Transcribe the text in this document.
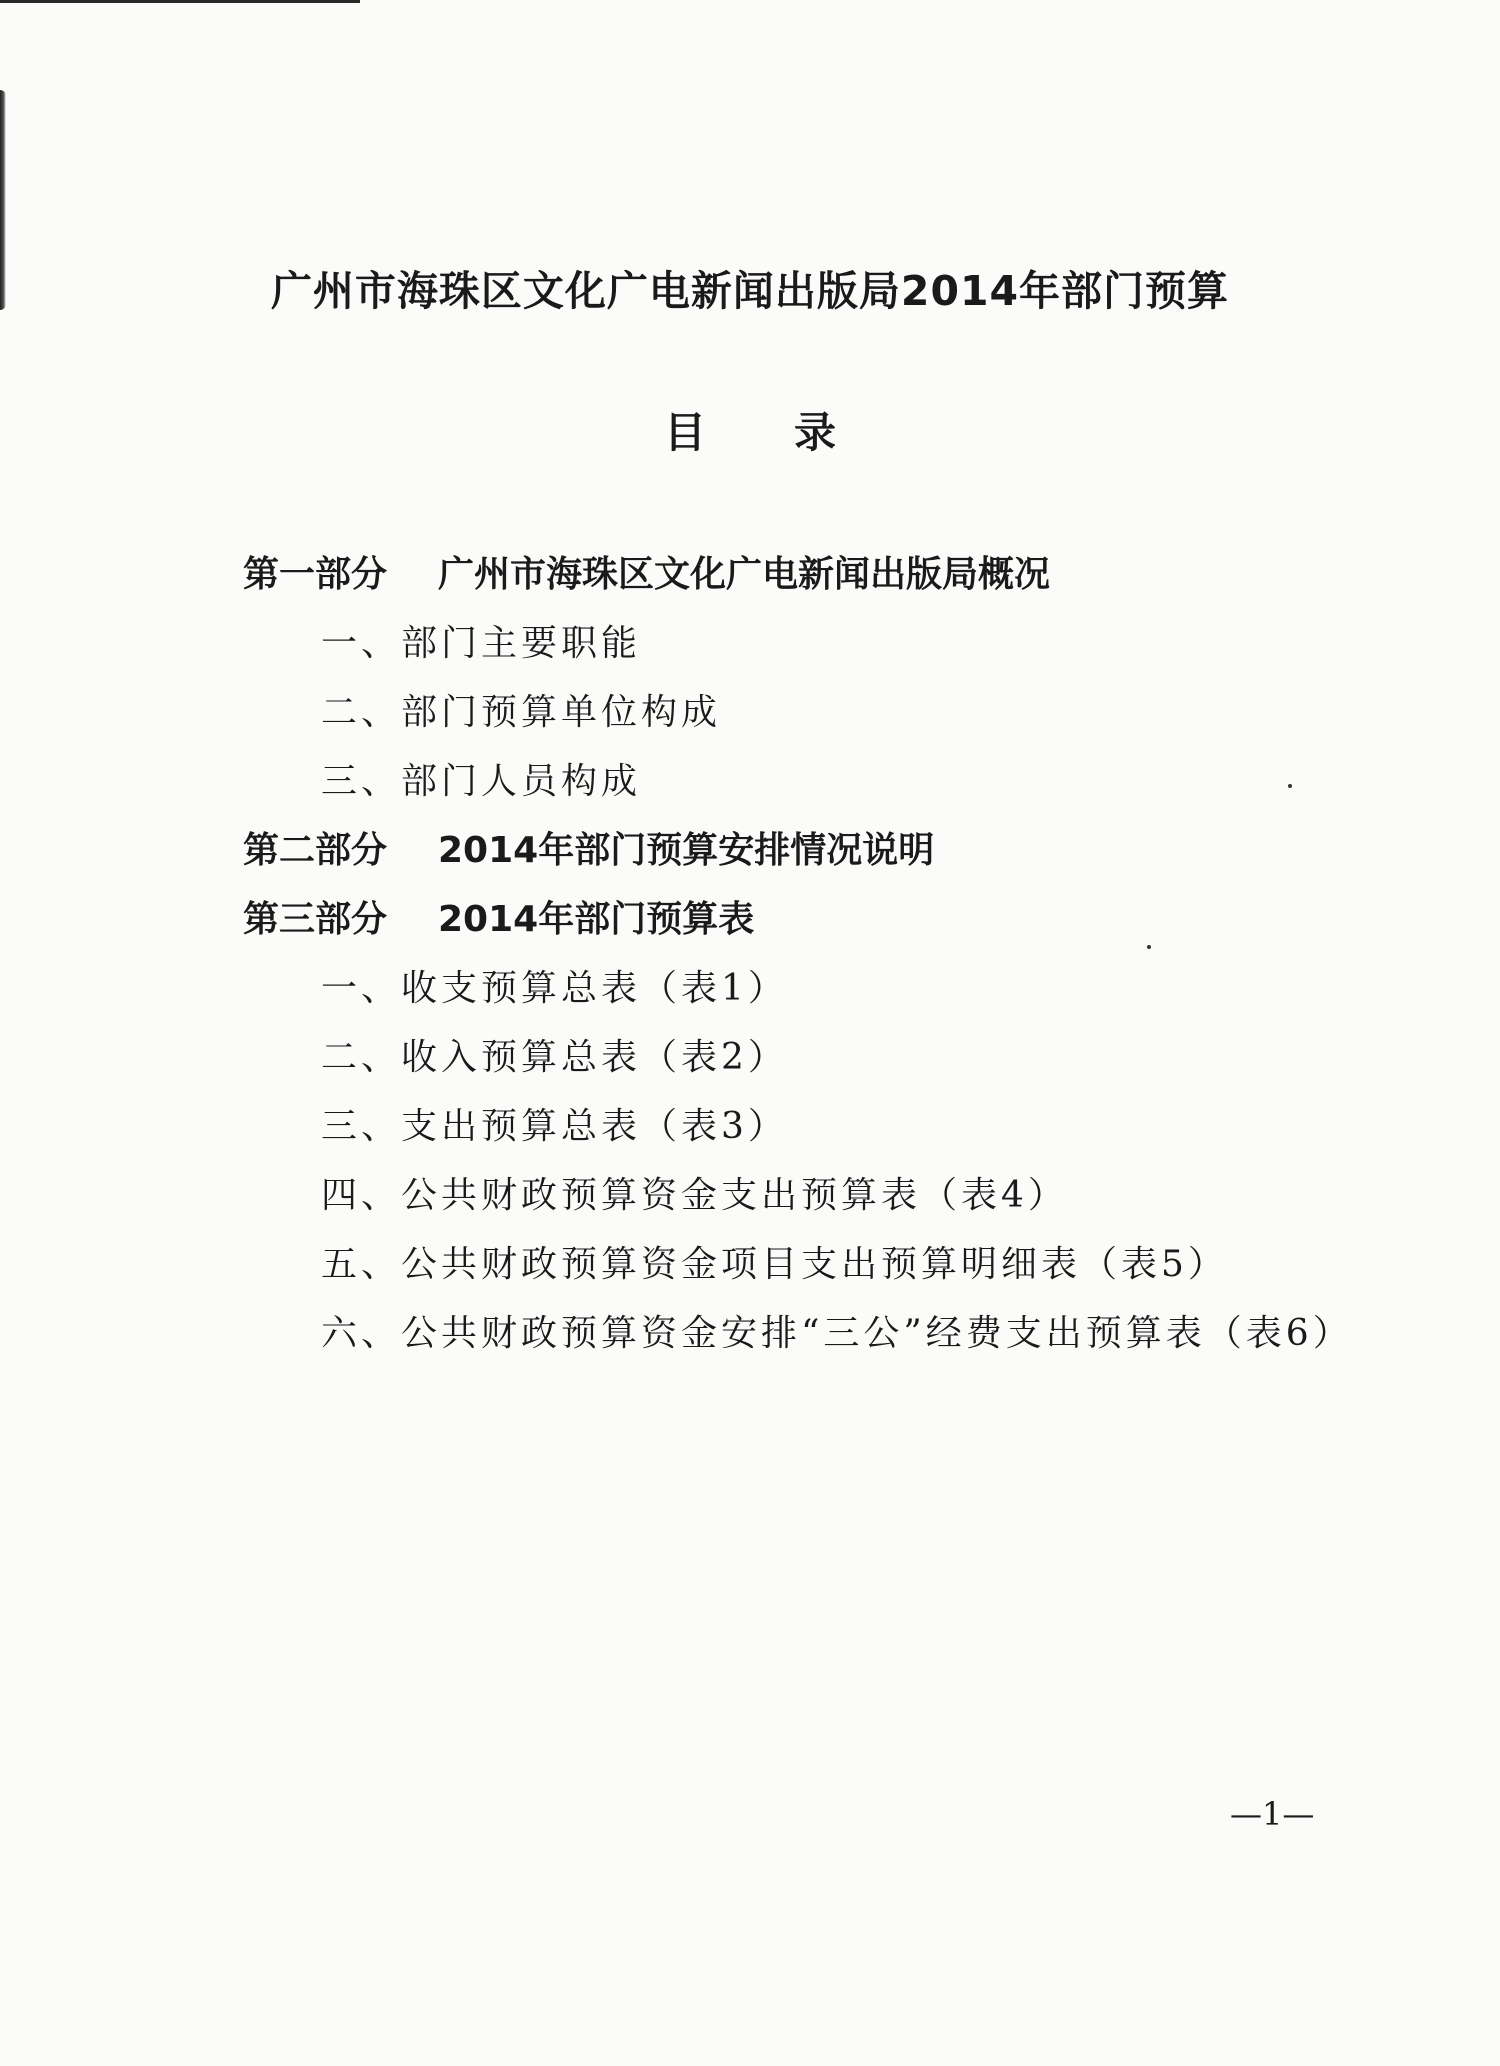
广州市海珠区文化广电新闻出版局2014年部门预算
目 录
第一部分 广州市海珠区文化广电新闻出版局概况
一、部门主要职能
二、部门预算单位构成
三、部门人员构成
第二部分 2014年部门预算安排情况说明
第三部分 2014年部门预算表
一、收支预算总表（表1）
二、收入预算总表（表2）
三、支出预算总表（表3）
四、公共财政预算资金支出预算表（表4）
五、公共财政预算资金项目支出预算明细表（表5）
六、公共财政预算资金安排“三公”经费支出预算表（表6）
—1—
